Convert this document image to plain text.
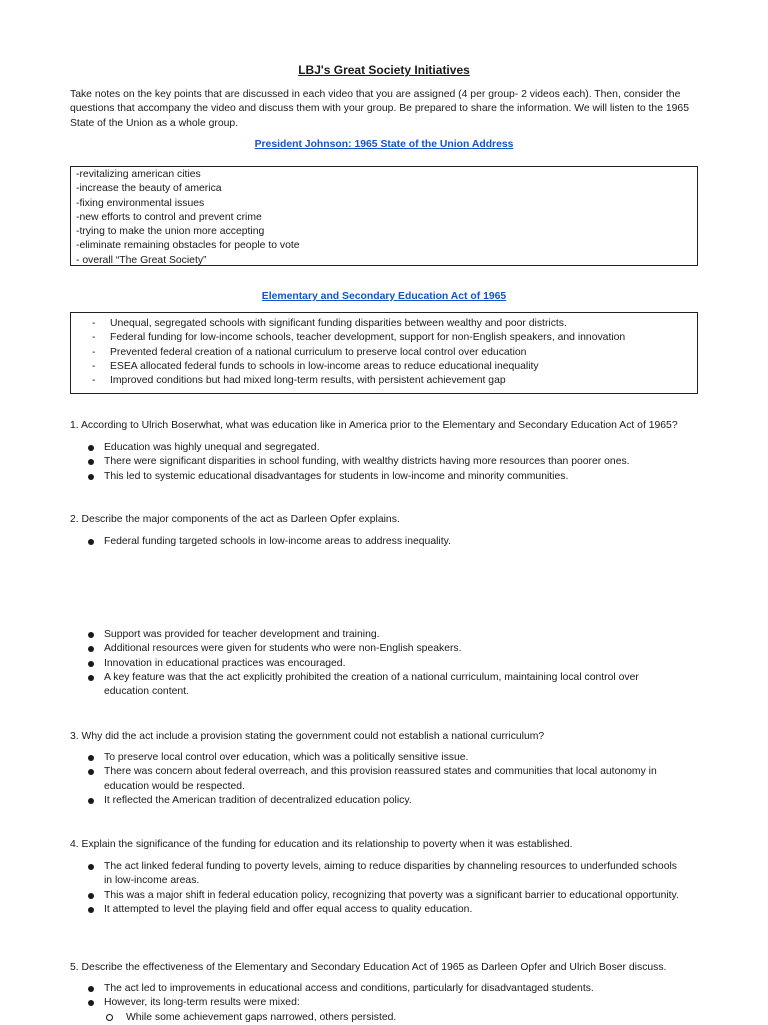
LBJ's Great Society Initiatives
Take notes on the key points that are discussed in each video that you are assigned (4 per group- 2 videos each). Then, consider the questions that accompany the video and discuss them with your group. Be prepared to share the information. We will listen to the 1965 State of the Union as a whole group.
President Johnson: 1965 State of the Union Address
-revitalizing american cities
-increase the beauty of america
-fixing environmental issues
-new efforts to control and prevent crime
-trying to make the union more accepting
-eliminate remaining obstacles for people to vote
- overall “The Great Society”
Elementary and Secondary Education Act of 1965
- Unequal, segregated schools with significant funding disparities between wealthy and poor districts.
- Federal funding for low-income schools, teacher development, support for non-English speakers, and innovation
- Prevented federal creation of a national curriculum to preserve local control over education
- ESEA allocated federal funds to schools in low-income areas to reduce educational inequality
- Improved conditions but had mixed long-term results, with persistent achievement gap
1. According to Ulrich Boserwhat, what was education like in America prior to the Elementary and Secondary Education Act of 1965?
Education was highly unequal and segregated.
There were significant disparities in school funding, with wealthy districts having more resources than poorer ones.
This led to systemic educational disadvantages for students in low-income and minority communities.
2. Describe the major components of the act as Darleen Opfer explains.
Federal funding targeted schools in low-income areas to address inequality.
Support was provided for teacher development and training.
Additional resources were given for students who were non-English speakers.
Innovation in educational practices was encouraged.
A key feature was that the act explicitly prohibited the creation of a national curriculum, maintaining local control over education content.
3. Why did the act include a provision stating the government could not establish a national curriculum?
To preserve local control over education, which was a politically sensitive issue.
There was concern about federal overreach, and this provision reassured states and communities that local autonomy in education would be respected.
It reflected the American tradition of decentralized education policy.
4. Explain the significance of the funding for education and its relationship to poverty when it was established.
The act linked federal funding to poverty levels, aiming to reduce disparities by channeling resources to underfunded schools in low-income areas.
This was a major shift in federal education policy, recognizing that poverty was a significant barrier to educational opportunity.
It attempted to level the playing field and offer equal access to quality education.
5. Describe the effectiveness of the Elementary and Secondary Education Act of 1965 as Darleen Opfer and Ulrich Boser discuss.
The act led to improvements in educational access and conditions, particularly for disadvantaged students.
However, its long-term results were mixed:
While some achievement gaps narrowed, others persisted.
